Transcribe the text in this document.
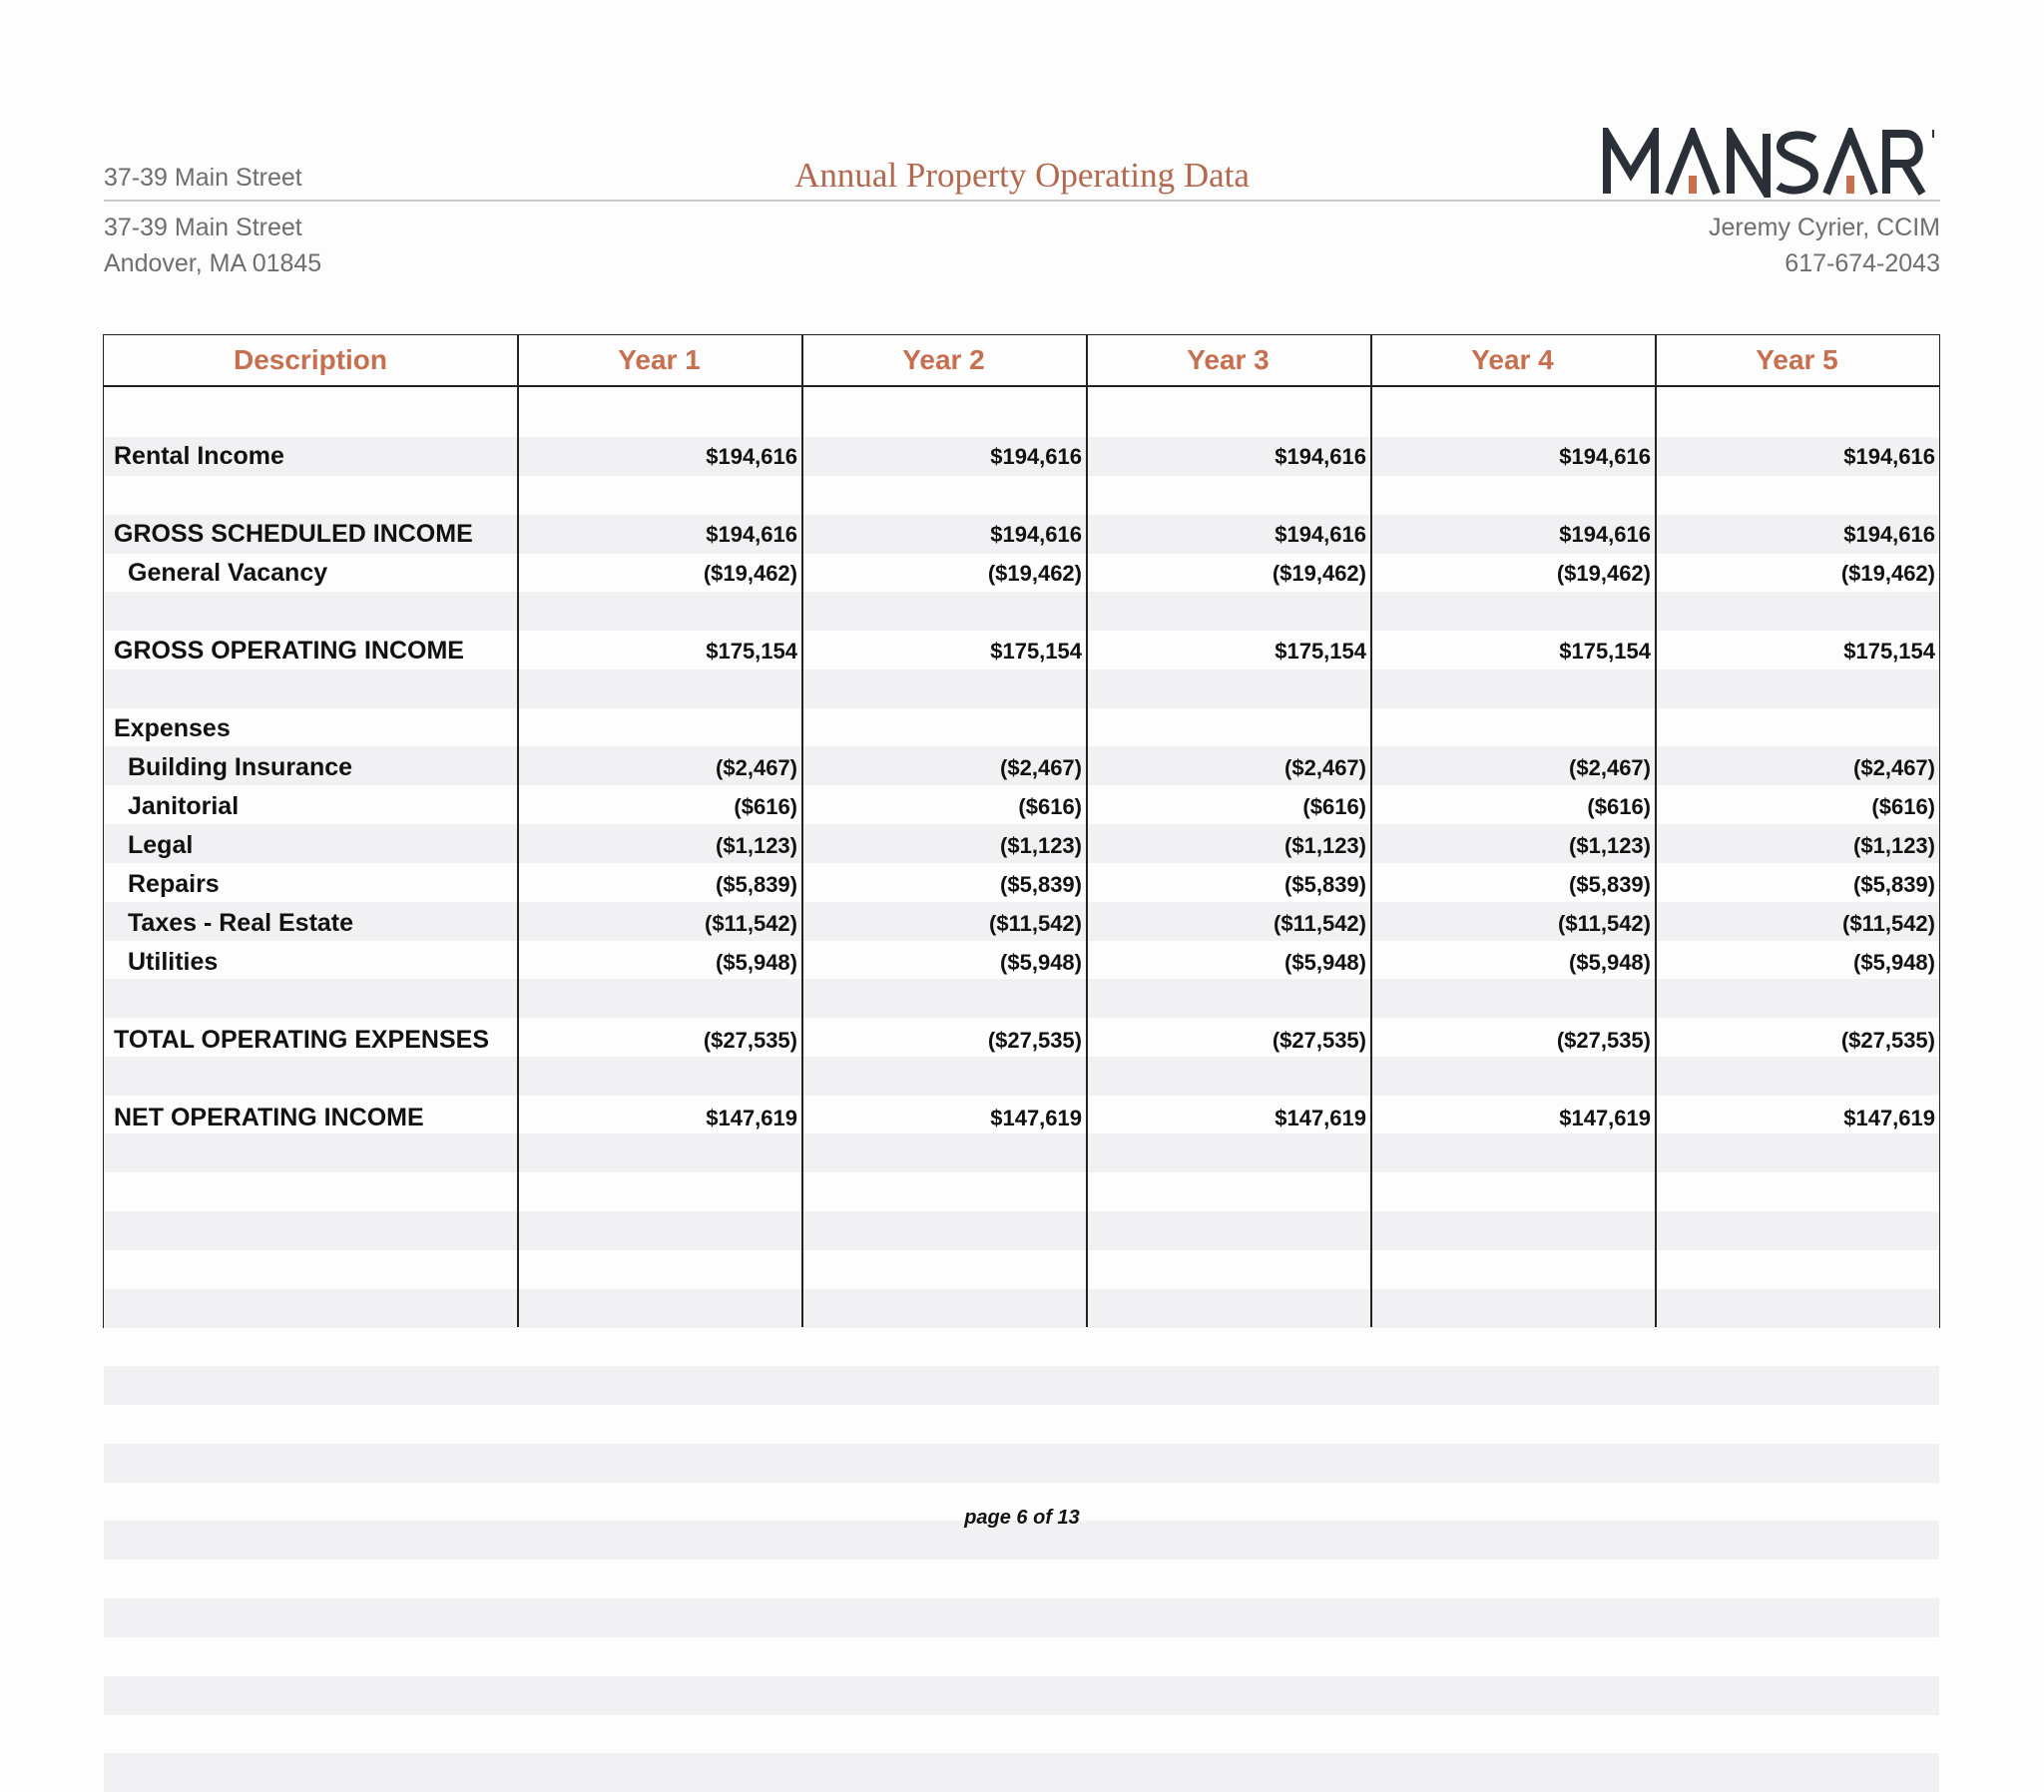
37-39 Main Street	Annual Property Operating Data
37-39 Main Street
Andover, MA 01845
Jeremy Cyrier, CCIM
617-674-2043
Description	Year 1	Year 2	Year 3	Year 4	Year 5
Rental Income	$194,616	$194,616	$194,616	$194,616	$194,616
GROSS SCHEDULED INCOME	$194,616	$194,616	$194,616	$194,616	$194,616
General Vacancy	($19,462)	($19,462)	($19,462)	($19,462)	($19,462)
GROSS OPERATING INCOME	$175,154	$175,154	$175,154	$175,154	$175,154
Expenses
Building Insurance	($2,467)	($2,467)	($2,467)	($2,467)	($2,467)
Janitorial	($616)	($616)	($616)	($616)	($616)
Legal	($1,123)	($1,123)	($1,123)	($1,123)	($1,123)
Repairs	($5,839)	($5,839)	($5,839)	($5,839)	($5,839)
Taxes - Real Estate	($11,542)	($11,542)	($11,542)	($11,542)	($11,542)
Utilities	($5,948)	($5,948)	($5,948)	($5,948)	($5,948)
TOTAL OPERATING EXPENSES	($27,535)	($27,535)	($27,535)	($27,535)	($27,535)
NET OPERATING INCOME	$147,619	$147,619	$147,619	$147,619	$147,619
page 6 of 13
